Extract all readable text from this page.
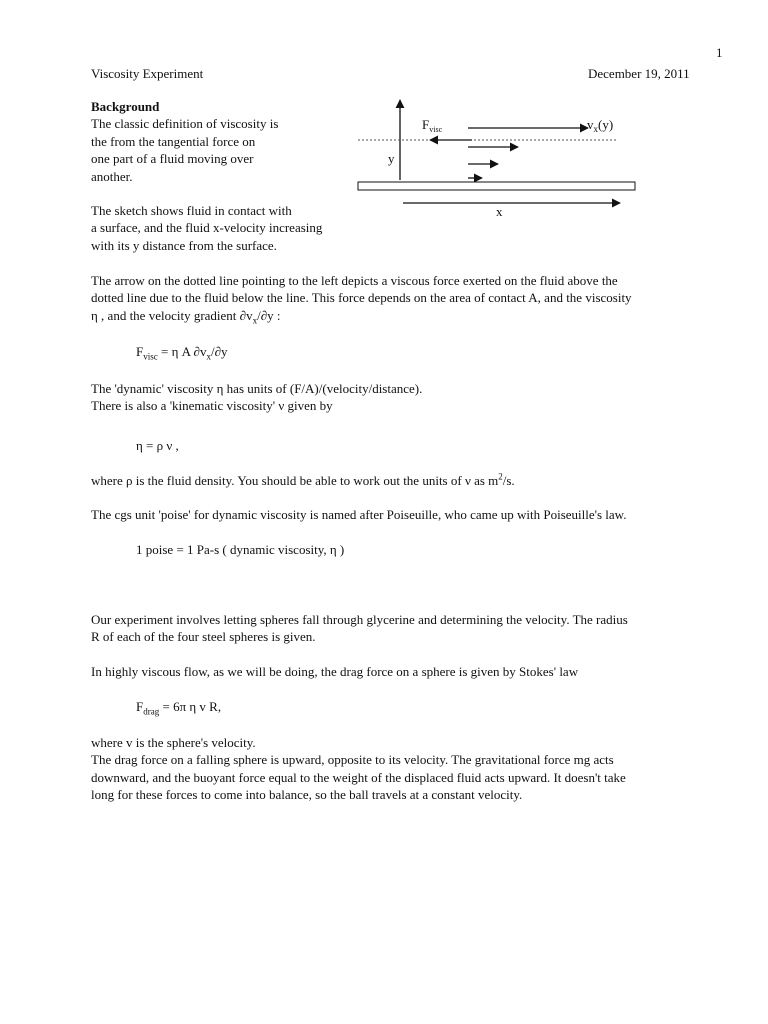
1
Viscosity Experiment	December 19, 2011
Background
The classic definition of viscosity is
the from the tangential force on
one part of a fluid moving over
another.
The sketch shows fluid in contact with
a surface, and the fluid x-velocity increasing
with its y distance from the surface.
$F_{visc}$	$v_x(y)$
y
x
The arrow on the dotted line pointing to the left depicts a viscous force exerted on the fluid above the
dotted line due to the fluid below the line. This force depends on the area of contact A, and the viscosity
η , and the velocity gradient $\partial v_x/\partial y$ :
$F_{visc} = \eta$ A $\partial v_x/\partial y$
The 'dynamic' viscosity η has units of (F/A)/(velocity/distance).
There is also a 'kinematic viscosity' ν given by
η = ρ ν ,
where ρ is the fluid density. You should be able to work out the units of ν as $m^2/s$.
The cgs unit 'poise' for dynamic viscosity is named after Poiseuille, who came up with Poiseuille's law.
1 poise = 1 Pa-s ( dynamic viscosity, η )
Our experiment involves letting spheres fall through glycerine and determining the velocity. The radius
R of each of the four steel spheres is given.
In highly viscous flow, as we will be doing, the drag force on a sphere is given by Stokes' law
$F_{drag} = 6\pi$ η v R,
where v is the sphere's velocity.
The drag force on a falling sphere is upward, opposite to its velocity. The gravitational force mg acts
downward, and the buoyant force equal to the weight of the displaced fluid acts upward. It doesn't take
long for these forces to come into balance, so the ball travels at a constant velocity.
